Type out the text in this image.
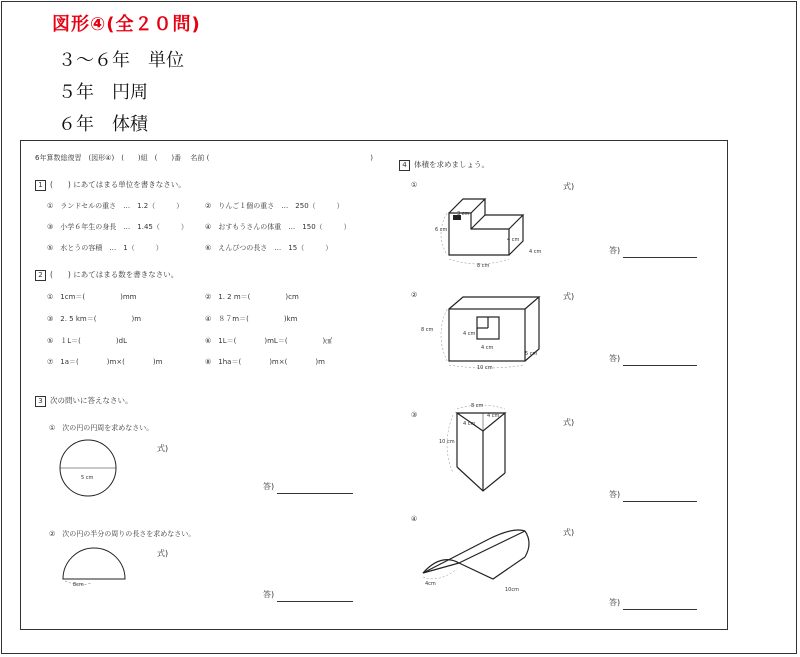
図形④(全２０問)
３～６年　単位
５年　円周
６年　体積
6年算数総復習　(図形④)　(　　)組　(　　)番　 名前 (　　　　　　　　　　　　　　　　　　　　　　　)
1 (　　) にあてはまる単位を書きなさい。
①　 ランドセルの重さ　…　1.2（　　　）	②　 りんご１個の重さ　…　250（　　　）
③　 小学６年生の身長　…　1.45（　　　） ④　 おすもうさんの体重　…　150（　　　）
⑤　 水とうの容積　…　1（　　　）	⑥　 えんぴつの長さ　…　15（　　　）
2 (　　) にあてはまる数を書きなさい。
①　 1cm＝(　　　　　)mm	②　 1. 2 m＝(　　　　　)cm
③　 2. 5 km＝(　　　　　)m	④　 ８７m＝(　　　　　)km
⑤　 １L＝(　　　　　)dL	⑥　 1L＝(　　　　)mL＝(　　　　　)㎤
⑦　 1a＝(　　　　)m×(　　　　)m	⑧　 1ha＝(　　　　)m×(　　　　)m
3 次の問いに答えなさい。
①　 次の円の円周を求めなさい。
式)
5 cm
答)
②　 次の円の半分の周りの長さを求めなさい。
式)
8cm
答)
4 体積を求めましょう。
①	式)
3 cm
6 cm
4 cm
4 cm
8 cm
答)
②	式)
8 cm
4 cm
4 cm
5 cm
10 cm
答)
③
式)
8 cm
4 cm
10 cm
4 cm
答)
④
式)
4cm
10cm
答)
